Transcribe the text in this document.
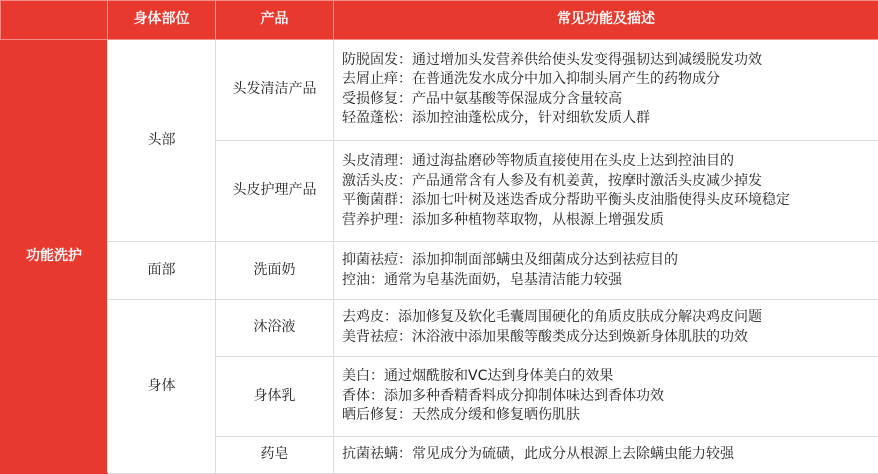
	身体部位	产品	常见功能及描述
功能洗护	头部	头发清洁产品	防脱固发：通过增加头发营养供给使头发变得强韧达到减缓脱发功效
去屑止痒：在普通洗发水成分中加入抑制头屑产生的药物成分
受损修复：产品中氨基酸等保湿成分含量较高
轻盈蓬松：添加控油蓬松成分，针对细软发质人群

		头皮护理产品	头皮清理：通过海盐磨砂等物质直接使用在头皮上达到控油目的
激活头皮：产品通常含有人参及有机姜黄，按摩时激活头皮减少掉发
平衡菌群：添加七叶树及迷迭香成分帮助平衡头皮油脂使得头皮环境稳定
营养护理：添加多种植物萃取物，从根源上增强发质

	面部	洗面奶	抑菌祛痘：添加抑制面部螨虫及细菌成分达到祛痘目的
控油：通常为皂基洗面奶，皂基清洁能力较强

	身体	沐浴液	去鸡皮：添加修复及软化毛囊周围硬化的角质皮肤成分解决鸡皮问题
美背祛痘：沐浴液中添加果酸等酸类成分达到焕新身体肌肤的功效

		身体乳	美白：通过烟酰胺和VC达到身体美白的效果
香体：添加多种香精香料成分抑制体味达到香体功效
晒后修复：天然成分缓和修复晒伤肌肤

		药皂	抗菌祛螨：常见成分为硫磺，此成分从根源上去除螨虫能力较强
